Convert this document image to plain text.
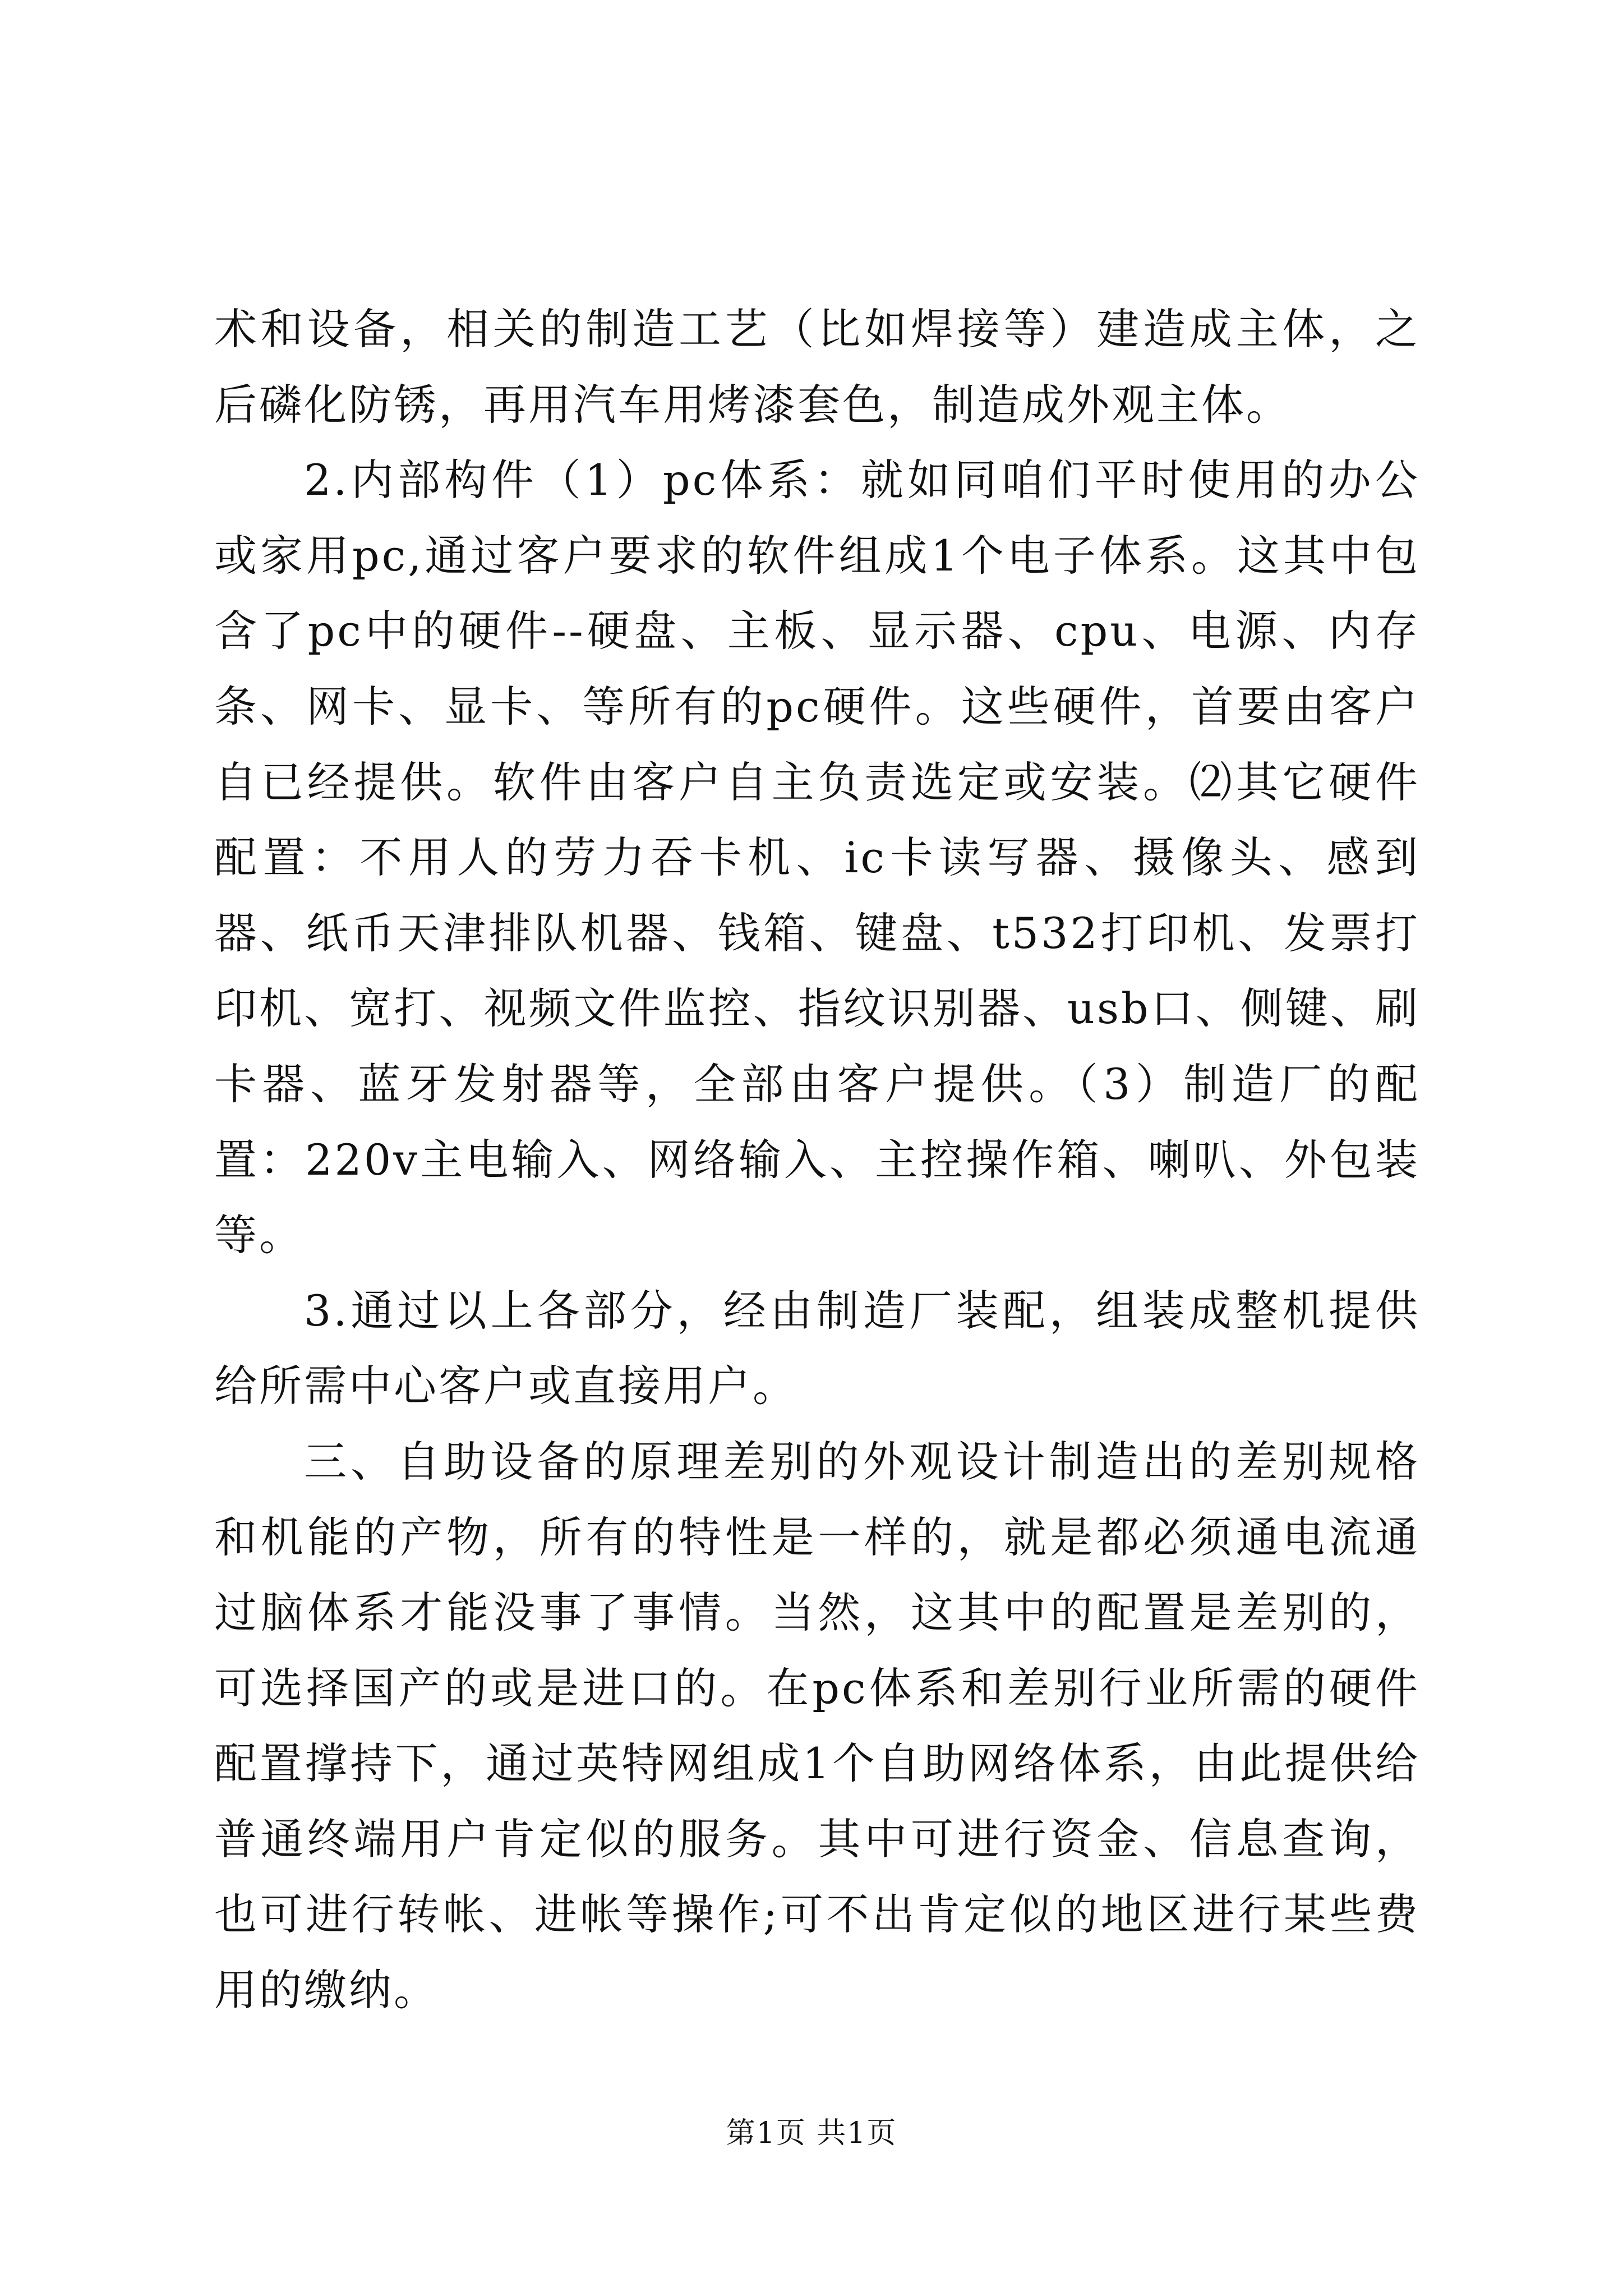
术和设备，相关的制造工艺（比如焊接等）建造成主体，之后磷化防锈，再用汽车用烤漆套色，制造成外观主体。

2.内部构件（1）pc体系：就如同咱们平时使用的办公或家用pc,通过客户要求的软件组成1个电子体系。这其中包含了pc中的硬件--硬盘、主板、显示器、cpu、电源、内存条、网卡、显卡、等所有的pc硬件。这些硬件，首要由客户自已经提供。软件由客户自主负责选定或安装。⑵其它硬件配置：不用人的劳力吞卡机、ic卡读写器、摄像头、感到器、纸币天津排队机器、钱箱、键盘、t532打印机、发票打印机、宽打、视频文件监控、指纹识别器、usb口、侧键、刷卡器、蓝牙发射器等，全部由客户提供。（3）制造厂的配置：220v主电输入、网络输入、主控操作箱、喇叭、外包装等。

3.通过以上各部分，经由制造厂装配，组装成整机提供给所需中心客户或直接用户。

三、自助设备的原理差别的外观设计制造出的差别规格和机能的产物，所有的特性是一样的，就是都必须通电流通过脑体系才能没事了事情。当然，这其中的配置是差别的，可选择国产的或是进口的。在pc体系和差别行业所需的硬件配置撑持下，通过英特网组成1个自助网络体系，由此提供给普通终端用户肯定似的服务。其中可进行资金、信息查询，也可进行转帐、进帐等操作;可不出肯定似的地区进行某些费用的缴纳。

第1页 共1页
